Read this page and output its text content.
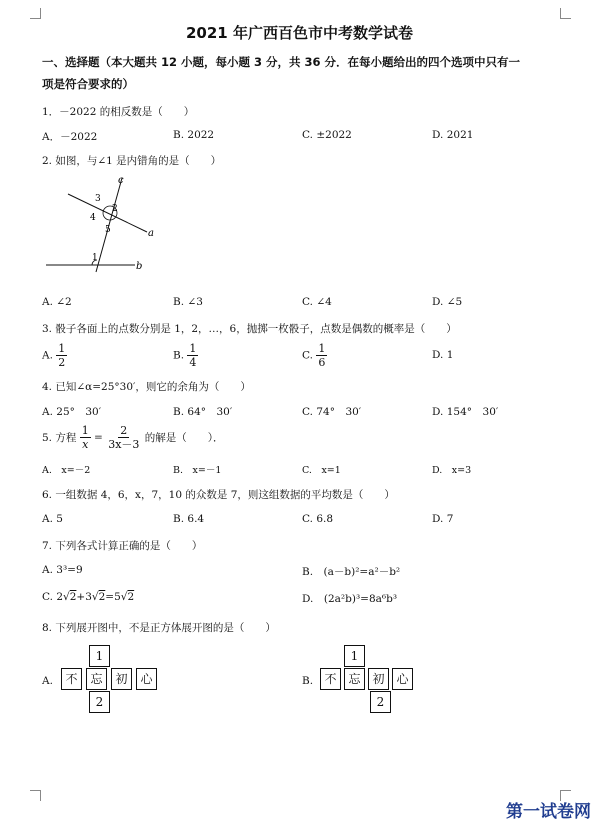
2021 年广西百色市中考数学试卷
一、选择题（本大题共 12 小题，每小题 3 分，共 36 分．在每小题给出的四个选项中只有一
项是符合要求的）
1．－2022 的相反数是（　　）
A．－2022	B. 2022	C. ±2022	D. 2021
2. 如图，与∠1 是内错角的是（　　）
c
a
b
3
2
4
5
1
A. ∠2	B. ∠3	C. ∠4	D. ∠5
3. 骰子各面上的点数分别是 1，2，…，6，抛掷一枚骰子，点数是偶数的概率是（　　）
A. $\frac{1}{2}$	B. $\frac{1}{4}$	C. $\frac{1}{6}$	D. 1
4. 已知∠α=25°30′，则它的余角为（　　）
A. 25°　30′	B. 64°　30′	C. 74°　30′	D. 154°　30′
5. 方程 $\frac{1}{x} = \frac{2}{3x-3}$ 的解是（　　）．
A.　x=－2	B.　x=－1	C.　x=1	D.　x=3
6. 一组数据 4，6，x，7，10 的众数是 7，则这组数据的平均数是（　　）
A. 5	B. 6.4	C. 6.8	D. 7
7. 下列各式计算正确的是（　　）
A. 3³=9	B.　(a－b)²=a²－b²
C. 2√2+3√2=5√2	D.　(2a²b)³=8a⁶b³
8. 下列展开图中，不是正方体展开图的是（　　）
A.
1
不	忘	初	心
2
B.
1
不 忘 初 心
2
第一试卷网
